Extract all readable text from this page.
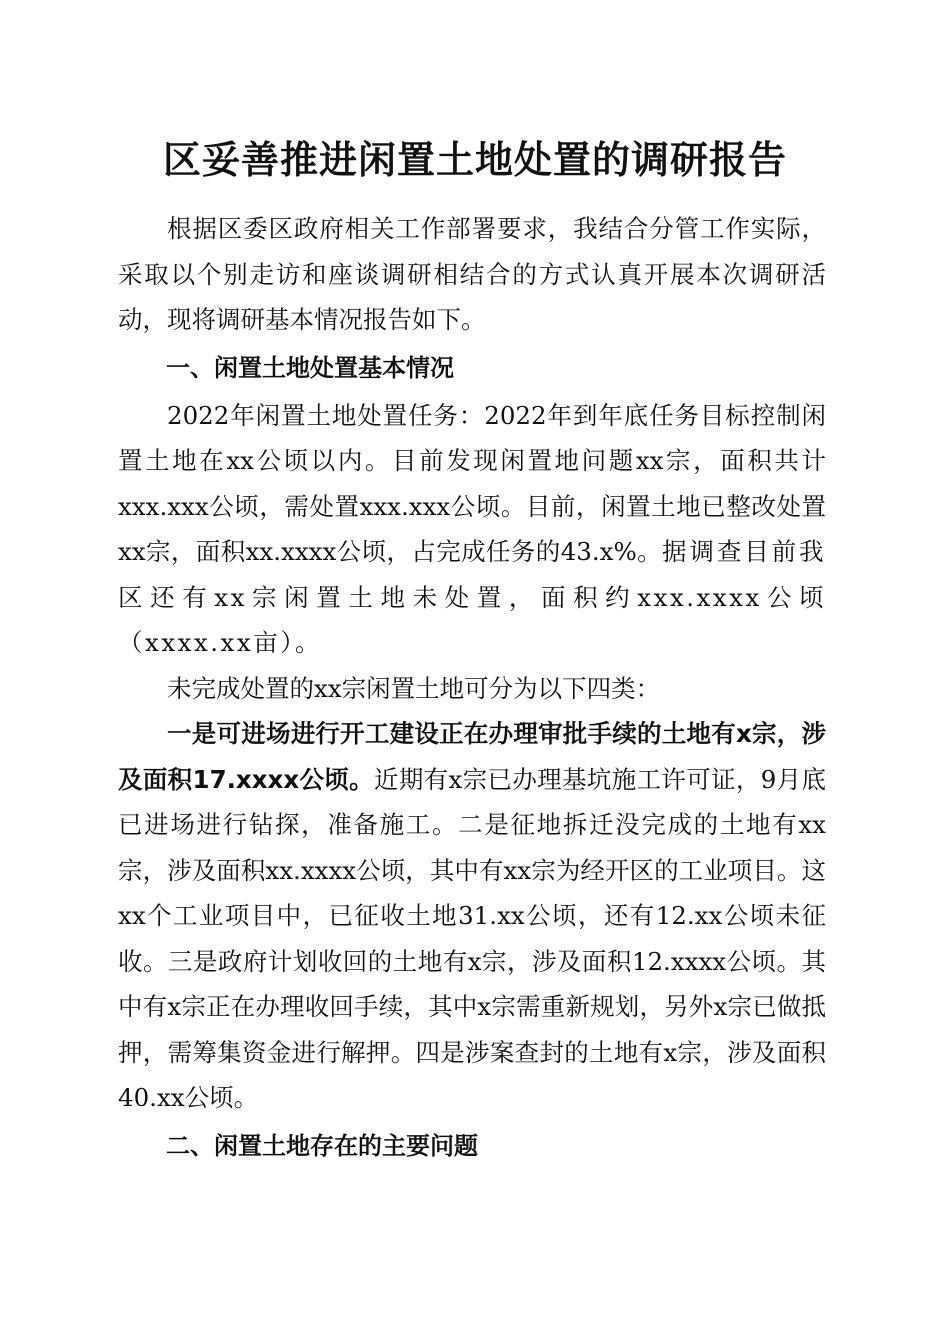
区妥善推进闲置土地处置的调研报告

根据区委区政府相关工作部署要求，我结合分管工作实际，采取以个别走访和座谈调研相结合的方式认真开展本次调研活动，现将调研基本情况报告如下。

一、闲置土地处置基本情况

2022年闲置土地处置任务：2022年到年底任务目标控制闲置土地在xx公顷以内。目前发现闲置地问题xx宗，面积共计xxx.xxx公顷，需处置xxx.xxx公顷。目前，闲置土地已整改处置xx宗，面积xx.xxxx公顷，占完成任务的43.x%。据调查目前我区还有xx宗闲置土地未处置，面积约xxx.xxxx公顷（xxxx.xx亩）。

未完成处置的xx宗闲置土地可分为以下四类：

一是可进场进行开工建设正在办理审批手续的土地有x宗，涉及面积17.xxxx公顷。近期有x宗已办理基坑施工许可证，9月底已进场进行钻探，准备施工。二是征地拆迁没完成的土地有xx宗，涉及面积xx.xxxx公顷，其中有xx宗为经开区的工业项目。这xx个工业项目中，已征收土地31.xx公顷，还有12.xx公顷未征收。三是政府计划收回的土地有x宗，涉及面积12.xxxx公顷。其中有x宗正在办理收回手续，其中x宗需重新规划，另外x宗已做抵押，需筹集资金进行解押。四是涉案查封的土地有x宗，涉及面积40.xx公顷。

二、闲置土地存在的主要问题
